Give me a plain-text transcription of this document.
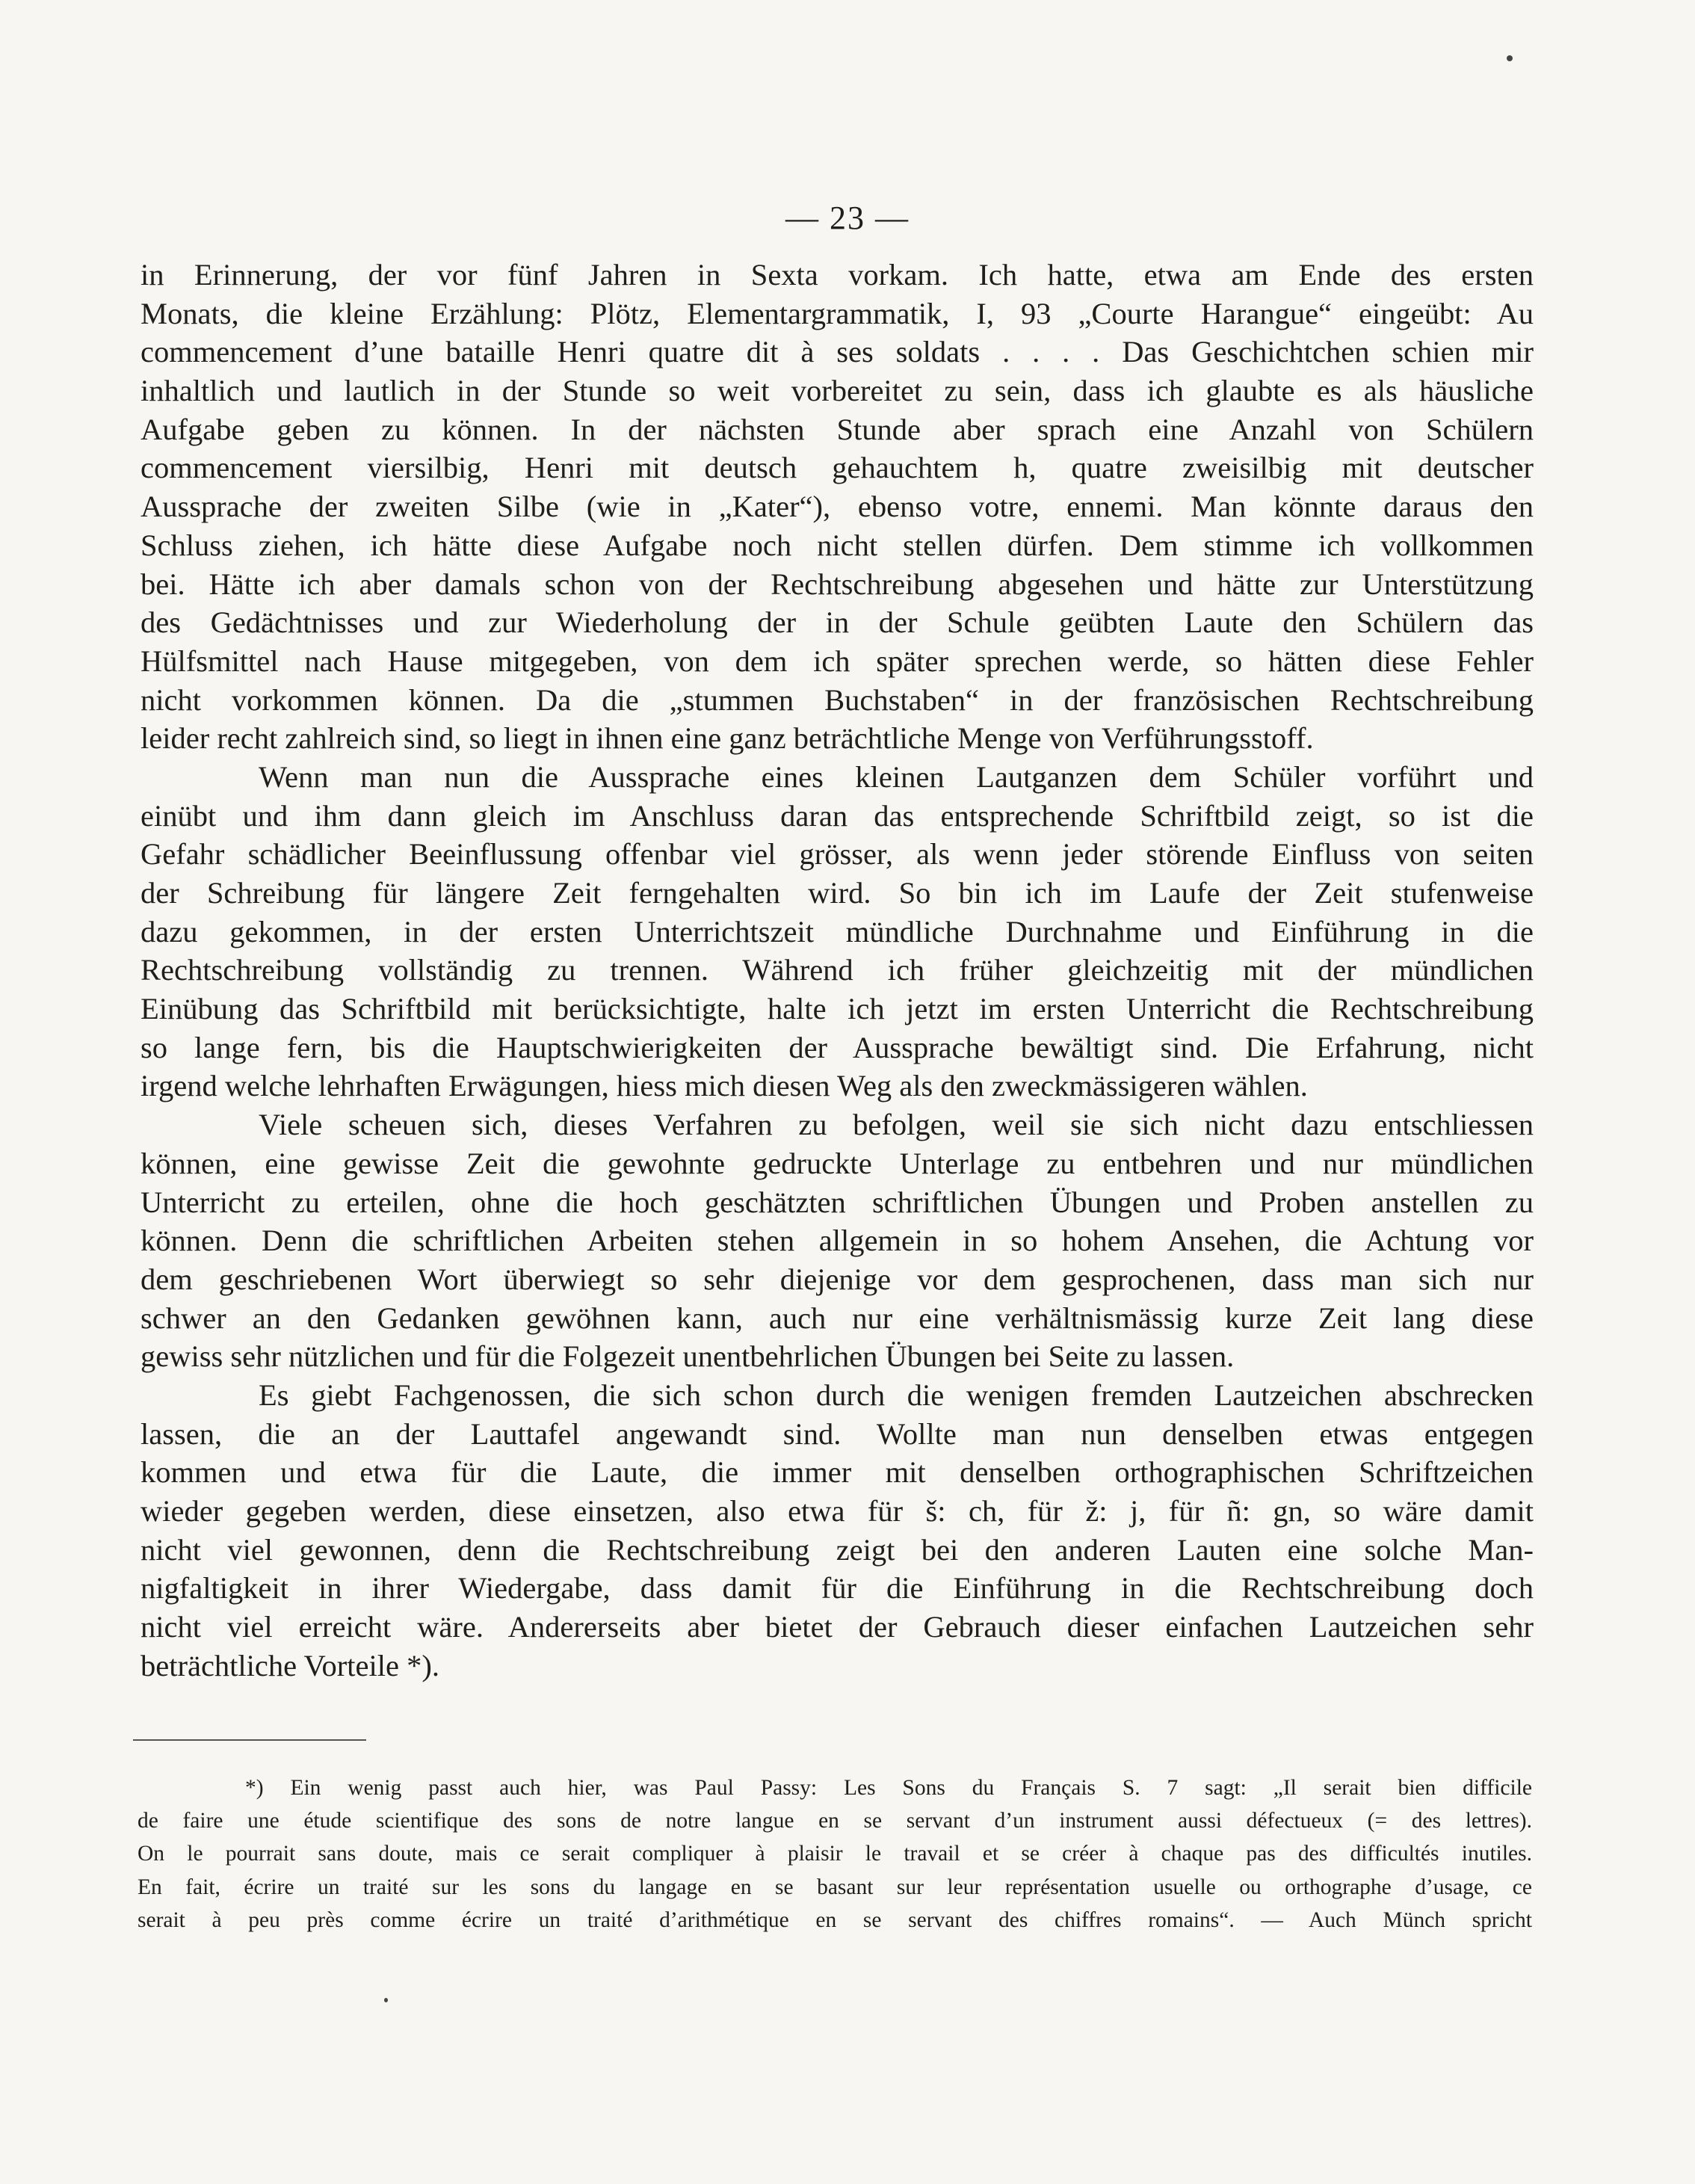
— 23 —
in Erinnerung, der vor fünf Jahren in Sexta vorkam. Ich hatte, etwa am Ende des ersten
Monats, die kleine Erzählung: Plötz, Elementargrammatik, I, 93 „Courte Harangue“ eingeübt: Au
commencement d’une bataille Henri quatre dit à ses soldats . . . . Das Geschichtchen schien mir
inhaltlich und lautlich in der Stunde so weit vorbereitet zu sein, dass ich glaubte es als häusliche
Aufgabe geben zu können. In der nächsten Stunde aber sprach eine Anzahl von Schülern
commencement viersilbig, Henri mit deutsch gehauchtem h, quatre zweisilbig mit deutscher
Aussprache der zweiten Silbe (wie in „Kater“), ebenso votre, ennemi. Man könnte daraus den
Schluss ziehen, ich hätte diese Aufgabe noch nicht stellen dürfen. Dem stimme ich vollkommen
bei. Hätte ich aber damals schon von der Rechtschreibung abgesehen und hätte zur Unterstützung
des Gedächtnisses und zur Wiederholung der in der Schule geübten Laute den Schülern das
Hülfsmittel nach Hause mitgegeben, von dem ich später sprechen werde, so hätten diese Fehler
nicht vorkommen können. Da die „stummen Buchstaben“ in der französischen Rechtschreibung
leider recht zahlreich sind, so liegt in ihnen eine ganz beträchtliche Menge von Verführungsstoff.
Wenn man nun die Aussprache eines kleinen Lautganzen dem Schüler vorführt und
einübt und ihm dann gleich im Anschluss daran das entsprechende Schriftbild zeigt, so ist die
Gefahr schädlicher Beeinflussung offenbar viel grösser, als wenn jeder störende Einfluss von seiten
der Schreibung für längere Zeit ferngehalten wird. So bin ich im Laufe der Zeit stufenweise
dazu gekommen, in der ersten Unterrichtszeit mündliche Durchnahme und Einführung in die
Rechtschreibung vollständig zu trennen. Während ich früher gleichzeitig mit der mündlichen
Einübung das Schriftbild mit berücksichtigte, halte ich jetzt im ersten Unterricht die Rechtschreibung
so lange fern, bis die Hauptschwierigkeiten der Aussprache bewältigt sind. Die Erfahrung, nicht
irgend welche lehrhaften Erwägungen, hiess mich diesen Weg als den zweckmässigeren wählen.
Viele scheuen sich, dieses Verfahren zu befolgen, weil sie sich nicht dazu entschliessen
können, eine gewisse Zeit die gewohnte gedruckte Unterlage zu entbehren und nur mündlichen
Unterricht zu erteilen, ohne die hoch geschätzten schriftlichen Übungen und Proben anstellen zu
können. Denn die schriftlichen Arbeiten stehen allgemein in so hohem Ansehen, die Achtung vor
dem geschriebenen Wort überwiegt so sehr diejenige vor dem gesprochenen, dass man sich nur
schwer an den Gedanken gewöhnen kann, auch nur eine verhältnismässig kurze Zeit lang diese
gewiss sehr nützlichen und für die Folgezeit unentbehrlichen Übungen bei Seite zu lassen.
Es giebt Fachgenossen, die sich schon durch die wenigen fremden Lautzeichen abschrecken
lassen, die an der Lauttafel angewandt sind. Wollte man nun denselben etwas entgegen
kommen und etwa für die Laute, die immer mit denselben orthographischen Schriftzeichen
wieder gegeben werden, diese einsetzen, also etwa für š: ch, für ž: j, für ñ: gn, so wäre damit
nicht viel gewonnen, denn die Rechtschreibung zeigt bei den anderen Lauten eine solche Man-
nigfaltigkeit in ihrer Wiedergabe, dass damit für die Einführung in die Rechtschreibung doch
nicht viel erreicht wäre. Andererseits aber bietet der Gebrauch dieser einfachen Lautzeichen sehr
beträchtliche Vorteile *).
*) Ein wenig passt auch hier, was Paul Passy: Les Sons du Français S. 7 sagt: „Il serait bien difficile
de faire une étude scientifique des sons de notre langue en se servant d’un instrument aussi défectueux (= des lettres).
On le pourrait sans doute, mais ce serait compliquer à plaisir le travail et se créer à chaque pas des difficultés inutiles.
En fait, écrire un traité sur les sons du langage en se basant sur leur représentation usuelle ou orthographe d’usage, ce
serait à peu près comme écrire un traité d’arithmétique en se servant des chiffres romains“. — Auch Münch spricht
